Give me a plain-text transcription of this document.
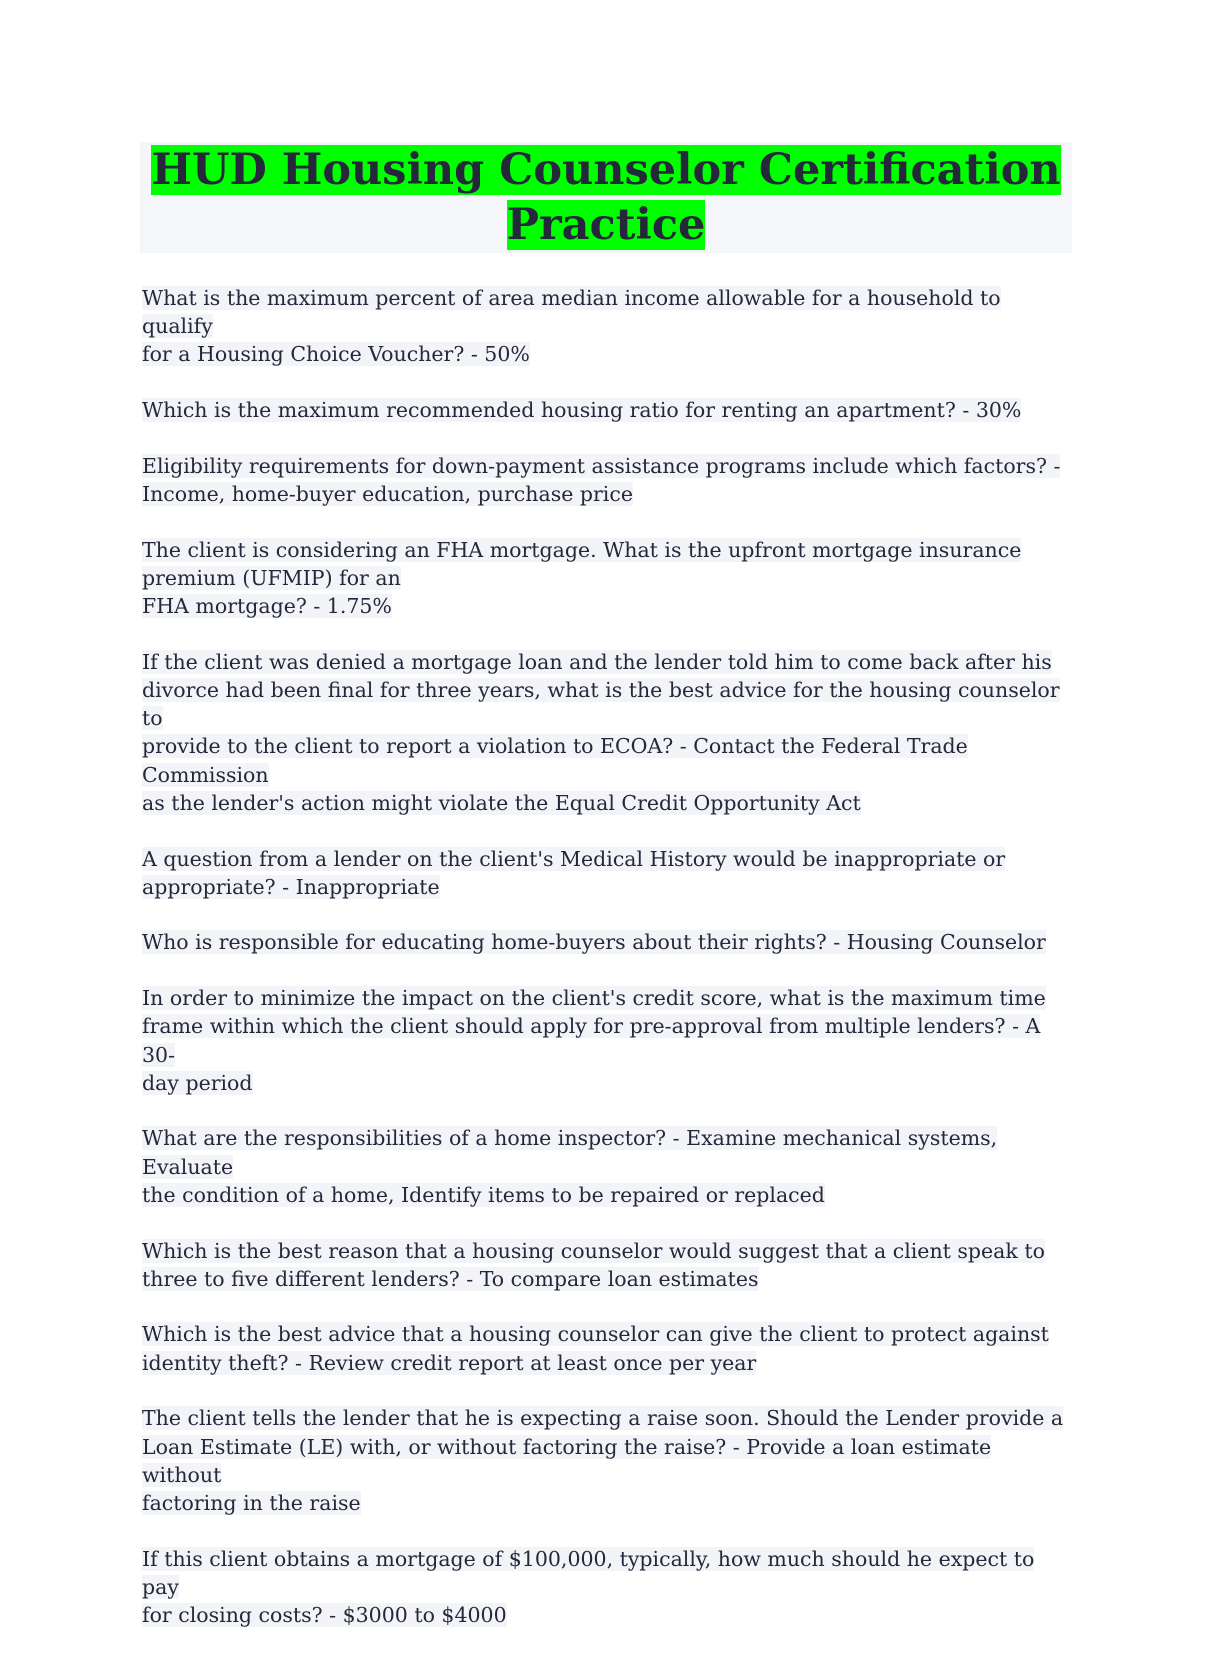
HUD Housing Counselor Certification
Practice
What is the maximum percent of area median income allowable for a household to qualify
for a Housing Choice Voucher? - 50%
Which is the maximum recommended housing ratio for renting an apartment? - 30%
Eligibility requirements for down-payment assistance programs include which factors? -
Income, home-buyer education, purchase price
The client is considering an FHA mortgage. What is the upfront mortgage insurance
premium (UFMIP) for an
FHA mortgage? - 1.75%
If the client was denied a mortgage loan and the lender told him to come back after his
divorce had been final for three years, what is the best advice for the housing counselor to
provide to the client to report a violation to ECOA? - Contact the Federal Trade Commission
as the lender's action might violate the Equal Credit Opportunity Act
A question from a lender on the client's Medical History would be inappropriate or
appropriate? - Inappropriate
Who is responsible for educating home-buyers about their rights? - Housing Counselor
In order to minimize the impact on the client's credit score, what is the maximum time
frame within which the client should apply for pre-approval from multiple lenders? - A 30-
day period
What are the responsibilities of a home inspector? - Examine mechanical systems, Evaluate
the condition of a home, Identify items to be repaired or replaced
Which is the best reason that a housing counselor would suggest that a client speak to
three to five different lenders? - To compare loan estimates
Which is the best advice that a housing counselor can give the client to protect against
identity theft? - Review credit report at least once per year
The client tells the lender that he is expecting a raise soon. Should the Lender provide a
Loan Estimate (LE) with, or without factoring the raise? - Provide a loan estimate without
factoring in the raise
If this client obtains a mortgage of $100,000, typically, how much should he expect to pay
for closing costs? - $3000 to $4000
